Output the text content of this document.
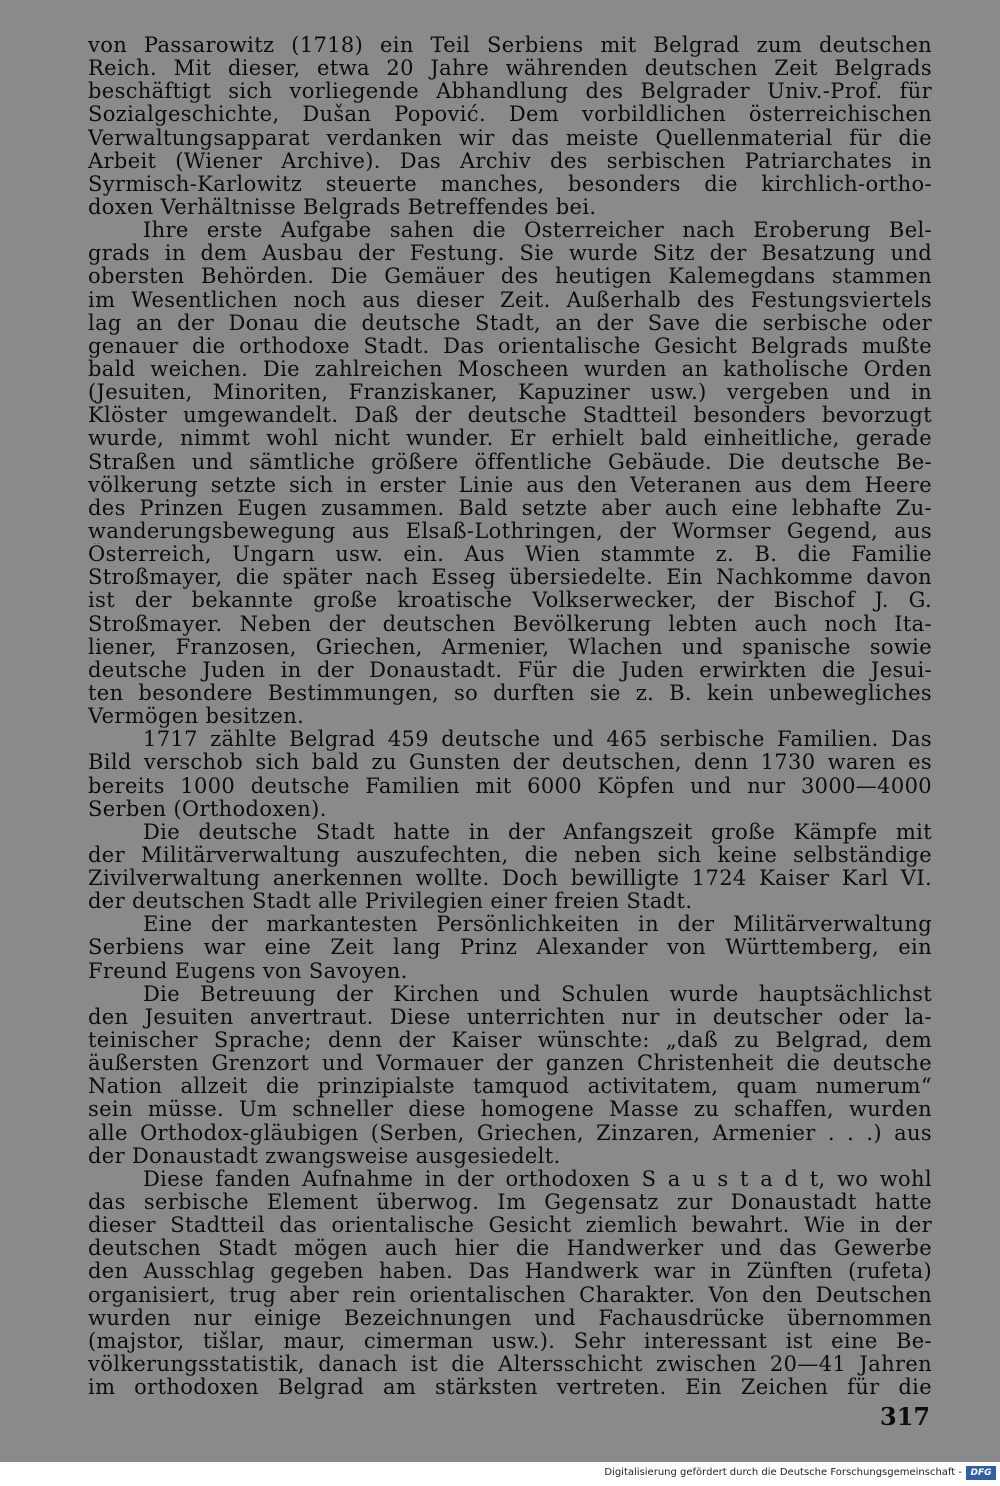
von Passarowitz (1718) ein Teil Serbiens mit Belgrad zum deutschen
Reich. Mit dieser, etwa 20 Jahre währenden deutschen Zeit Belgrads
beschäftigt sich vorliegende Abhandlung des Belgrader Univ.-Prof. für
Sozialgeschichte, Dušan Popović. Dem vorbildlichen österreichischen
Verwaltungsapparat verdanken wir das meiste Quellenmaterial für die
Arbeit (Wiener Archive). Das Archiv des serbischen Patriarchates in
Syrmisch-Karlowitz steuerte manches, besonders die kirchlich-ortho-
doxen Verhältnisse Belgrads Betreffendes bei.
Ihre erste Aufgabe sahen die Österreicher nach Eroberung Bel-
grads in dem Ausbau der Festung. Sie wurde Sitz der Besatzung und
obersten Behörden. Die Gemäuer des heutigen Kalemegdans stammen
im Wesentlichen noch aus dieser Zeit. Außerhalb des Festungsviertels
lag an der Donau die deutsche Stadt, an der Save die serbische oder
genauer die orthodoxe Stadt. Das orientalische Gesicht Belgrads mußte
bald weichen. Die zahlreichen Moscheen wurden an katholische Orden
(Jesuiten, Minoriten, Franziskaner, Kapuziner usw.) vergeben und in
Klöster umgewandelt. Daß der deutsche Stadtteil besonders bevorzugt
wurde, nimmt wohl nicht wunder. Er erhielt bald einheitliche, gerade
Straßen und sämtliche größere öffentliche Gebäude. Die deutsche Be-
völkerung setzte sich in erster Linie aus den Veteranen aus dem Heere
des Prinzen Eugen zusammen. Bald setzte aber auch eine lebhafte Zu-
wanderungsbewegung aus Elsaß-Lothringen, der Wormser Gegend, aus
Österreich, Ungarn usw. ein. Aus Wien stammte z. B. die Familie
Stroßmayer, die später nach Esseg übersiedelte. Ein Nachkomme davon
ist der bekannte große kroatische Volkserwecker, der Bischof J. G.
Stroßmayer. Neben der deutschen Bevölkerung lebten auch noch Ita-
liener, Franzosen, Griechen, Armenier, Wlachen und spanische sowie
deutsche Juden in der Donaustadt. Für die Juden erwirkten die Jesui-
ten besondere Bestimmungen, so durften sie z. B. kein unbewegliches
Vermögen besitzen.
1717 zählte Belgrad 459 deutsche und 465 serbische Familien. Das
Bild verschob sich bald zu Gunsten der deutschen, denn 1730 waren es
bereits 1000 deutsche Familien mit 6000 Köpfen und nur 3000—4000
Serben (Orthodoxen).
Die deutsche Stadt hatte in der Anfangszeit große Kämpfe mit
der Militärverwaltung auszufechten, die neben sich keine selbständige
Zivilverwaltung anerkennen wollte. Doch bewilligte 1724 Kaiser Karl VI.
der deutschen Stadt alle Privilegien einer freien Stadt.
Eine der markantesten Persönlichkeiten in der Militärverwaltung
Serbiens war eine Zeit lang Prinz Alexander von Württemberg, ein
Freund Eugens von Savoyen.
Die Betreuung der Kirchen und Schulen wurde hauptsächlichst
den Jesuiten anvertraut. Diese unterrichten nur in deutscher oder la-
teinischer Sprache; denn der Kaiser wünschte: „daß zu Belgrad, dem
äußersten Grenzort und Vormauer der ganzen Christenheit die deutsche
Nation allzeit die prinzipialste tamquod activitatem, quam numerum“
sein müsse. Um schneller diese homogene Masse zu schaffen, wurden
alle Orthodox-gläubigen (Serben, Griechen, Zinzaren, Armenier . . .) aus
der Donaustadt zwangsweise ausgesiedelt.
Diese fanden Aufnahme in der orthodoxen S a u s t a d t, wo wohl
das serbische Element überwog. Im Gegensatz zur Donaustadt hatte
dieser Stadtteil das orientalische Gesicht ziemlich bewahrt. Wie in der
deutschen Stadt mögen auch hier die Handwerker und das Gewerbe
den Ausschlag gegeben haben. Das Handwerk war in Zünften (rufeta)
organisiert, trug aber rein orientalischen Charakter. Von den Deutschen
wurden nur einige Bezeichnungen und Fachausdrücke übernommen
(majstor, tišlar, maur, cimerman usw.). Sehr interessant ist eine Be-
völkerungsstatistik, danach ist die Altersschicht zwischen 20—41 Jahren
im orthodoxen Belgrad am stärksten vertreten. Ein Zeichen für die
317
Digitalisierung gefördert durch die Deutsche Forschungsgemeinschaft - DFG
